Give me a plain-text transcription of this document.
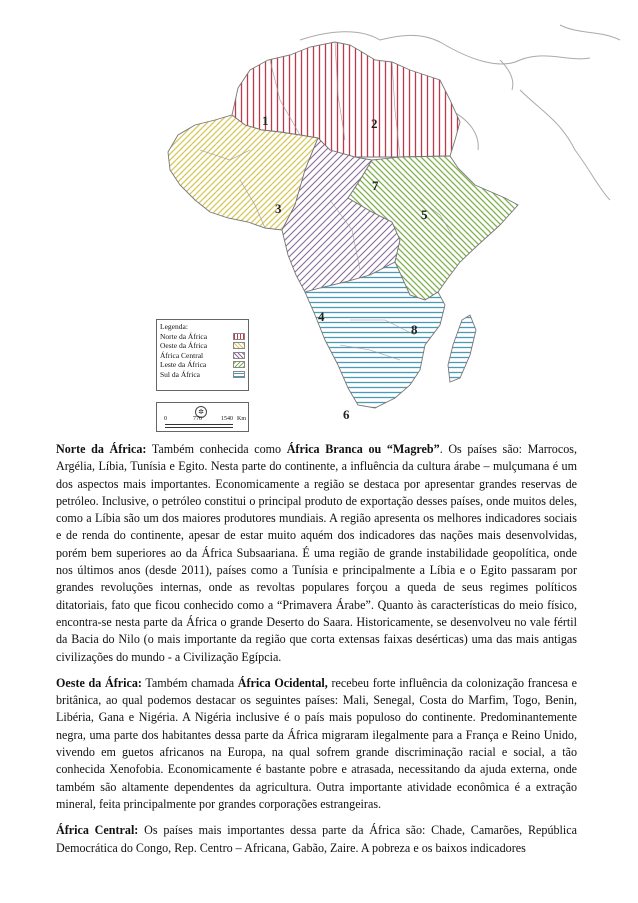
1	2
3
4
5
6
7
8
Legenda:
Norte da África
Oeste da África
África Central
Leste da África
Sul da África
✲
0	770	1540 Km

Norte da África: Também conhecida como África Branca ou “Magreb”. Os países são: Marrocos, Argélia, Líbia, Tunísia e Egito. Nesta parte do continente, a influência da cultura árabe – mulçumana é um dos aspectos mais importantes. Economicamente a região se destaca por apresentar grandes reservas de petróleo. Inclusive, o petróleo constitui o principal produto de exportação desses países, onde muitos deles, como a Líbia são um dos maiores produtores mundiais. A região apresenta os melhores indicadores sociais e de renda do continente, apesar de estar muito aquém dos indicadores das nações mais desenvolvidas, porém bem superiores ao da África Subsaariana. É uma região de grande instabilidade geopolítica, onde nos últimos anos (desde 2011), países como a Tunísia e principalmente a Líbia e o Egito passaram por grandes revoluções internas, onde as revoltas populares forçou a queda de seus regimes políticos ditatoriais, fato que ficou conhecido como a “Primavera Árabe”. Quanto às características do meio físico, encontra-se nesta parte da África o grande Deserto do Saara. Historicamente, se desenvolveu no vale fértil da Bacia do Nilo (o mais importante da região que corta extensas faixas desérticas) uma das mais antigas civilizações do mundo - a Civilização Egípcia.

Oeste da África: Também chamada África Ocidental, recebeu forte influência da colonização francesa e britânica, ao qual podemos destacar os seguintes países: Mali, Senegal, Costa do Marfim, Togo, Benin, Libéria, Gana e Nigéria. A Nigéria inclusive é o país mais populoso do continente. Predominantemente negra, uma parte dos habitantes dessa parte da África migraram ilegalmente para a França e Reino Unido, vivendo em guetos africanos na Europa, na qual sofrem grande discriminação racial e social, a tão conhecida Xenofobia. Economicamente é bastante pobre e atrasada, necessitando da ajuda externa, onde também são altamente dependentes da agricultura. Outra importante atividade econômica é a extração mineral, feita principalmente por grandes corporações estrangeiras.

África Central: Os países mais importantes dessa parte da África são: Chade, Camarões, República Democrática do Congo, Rep. Centro – Africana, Gabão, Zaire. A pobreza e os baixos indicadores
